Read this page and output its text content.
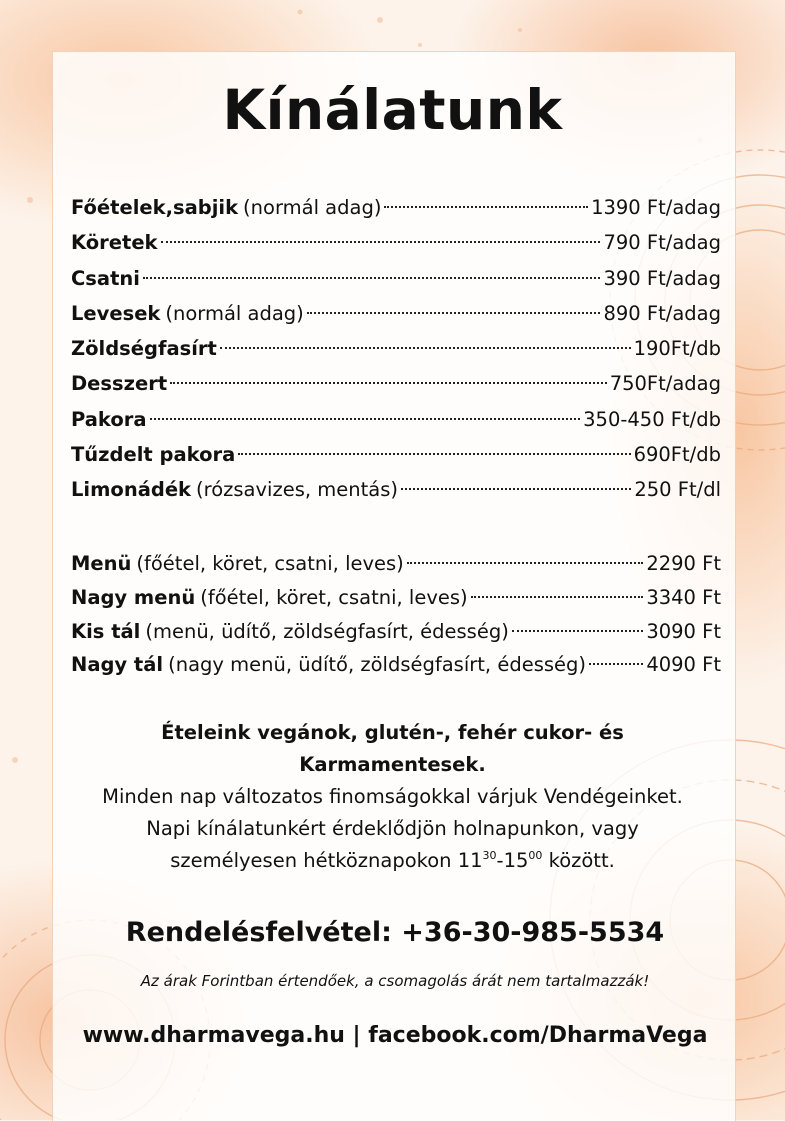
Kínálatunk
Főételek,sabjik (normál adag)	1390 Ft/adag
Köretek	790 Ft/adag
Csatni	390 Ft/adag
Levesek (normál adag)	890 Ft/adag
Zöldségfasírt	190Ft/db
Desszert	750Ft/adag
Pakora	350-450 Ft/db
Tűzdelt pakora	690Ft/db
Limonádék (rózsavizes, mentás)	250 Ft/dl
Menü (főétel, köret, csatni, leves)	2290 Ft
Nagy menü (főétel, köret, csatni, leves)	3340 Ft
Kis tál (menü, üdítő, zöldségfasírt, édesség)	3090 Ft
Nagy tál (nagy menü, üdítő, zöldségfasírt, édesség)	4090 Ft
Ételeink vegánok, glutén-, fehér cukor- és
Karmamentesek.
Minden nap változatos finomságokkal várjuk Vendégeinket.
Napi kínálatunkért érdeklődjön holnapunkon, vagy
személyesen hétköznapokon $11^{30}-15^{00}$ között.
Rendelésfelvétel: +36-30-985-5534
Az árak Forintban értendőek, a csomagolás árát nem tartalmazzák!
www.dharmavega.hu | facebook.com/DharmaVega
